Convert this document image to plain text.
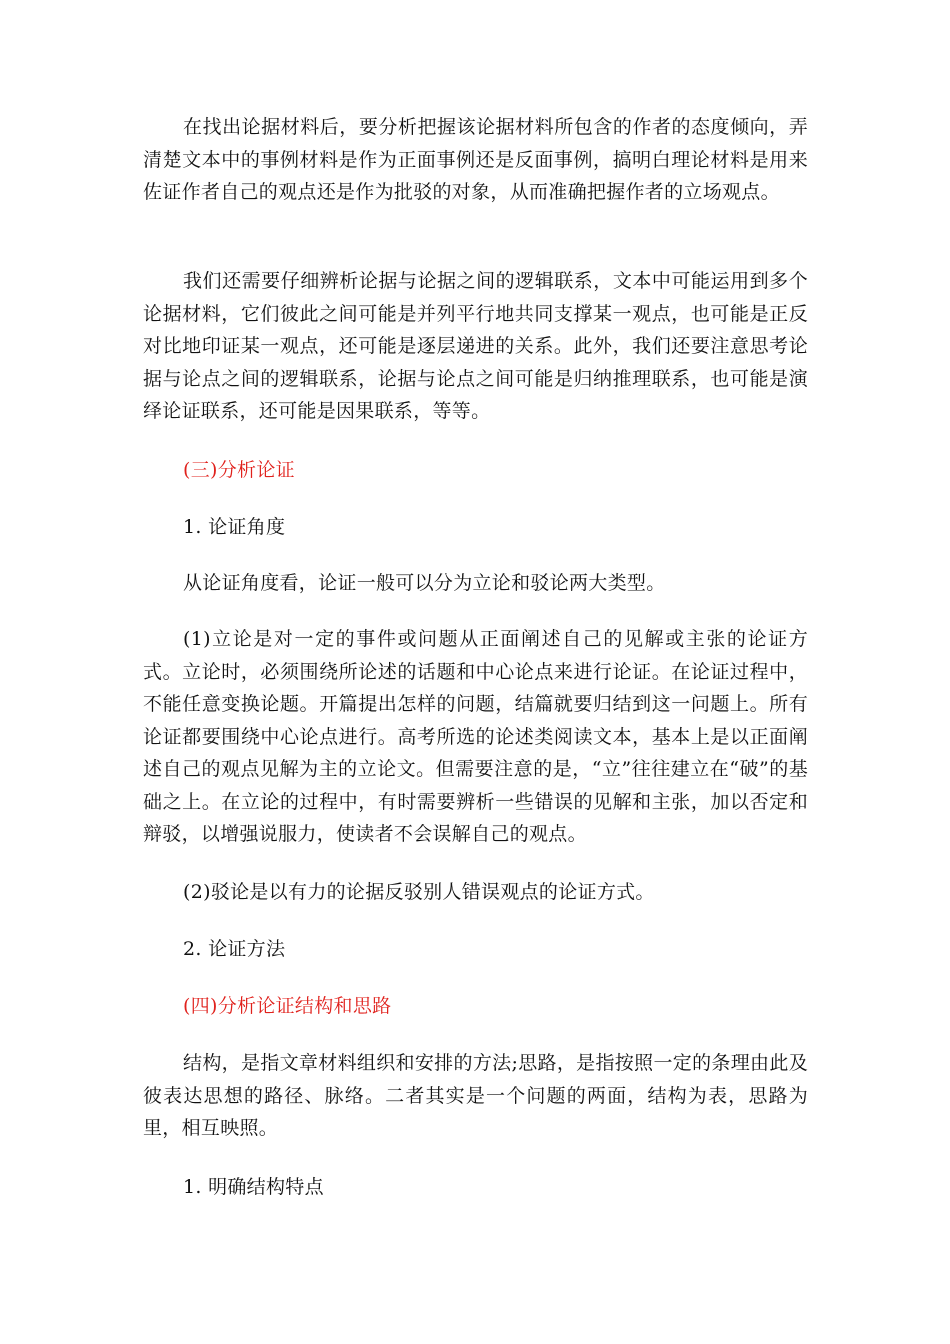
在找出论据材料后，要分析把握该论据材料所包含的作者的态度倾向，弄清楚文本中的事例材料是作为正面事例还是反面事例，搞明白理论材料是用来佐证作者自己的观点还是作为批驳的对象，从而准确把握作者的立场观点。

我们还需要仔细辨析论据与论据之间的逻辑联系，文本中可能运用到多个论据材料，它们彼此之间可能是并列平行地共同支撑某一观点，也可能是正反对比地印证某一观点，还可能是逐层递进的关系。此外，我们还要注意思考论据与论点之间的逻辑联系，论据与论点之间可能是归纳推理联系，也可能是演绎论证联系，还可能是因果联系，等等。

(三)分析论证

1. 论证角度

从论证角度看，论证一般可以分为立论和驳论两大类型。

(1)立论是对一定的事件或问题从正面阐述自己的见解或主张的论证方式。立论时，必须围绕所论述的话题和中心论点来进行论证。在论证过程中，不能任意变换论题。开篇提出怎样的问题，结篇就要归结到这一问题上。所有论证都要围绕中心论点进行。高考所选的论述类阅读文本，基本上是以正面阐述自己的观点见解为主的立论文。但需要注意的是，“立”往往建立在“破”的基础之上。在立论的过程中，有时需要辨析一些错误的见解和主张，加以否定和辩驳，以增强说服力，使读者不会误解自己的观点。

(2)驳论是以有力的论据反驳别人错误观点的论证方式。

2. 论证方法

(四)分析论证结构和思路

结构，是指文章材料组织和安排的方法;思路，是指按照一定的条理由此及彼表达思想的路径、脉络。二者其实是一个问题的两面，结构为表，思路为里，相互映照。

1. 明确结构特点
